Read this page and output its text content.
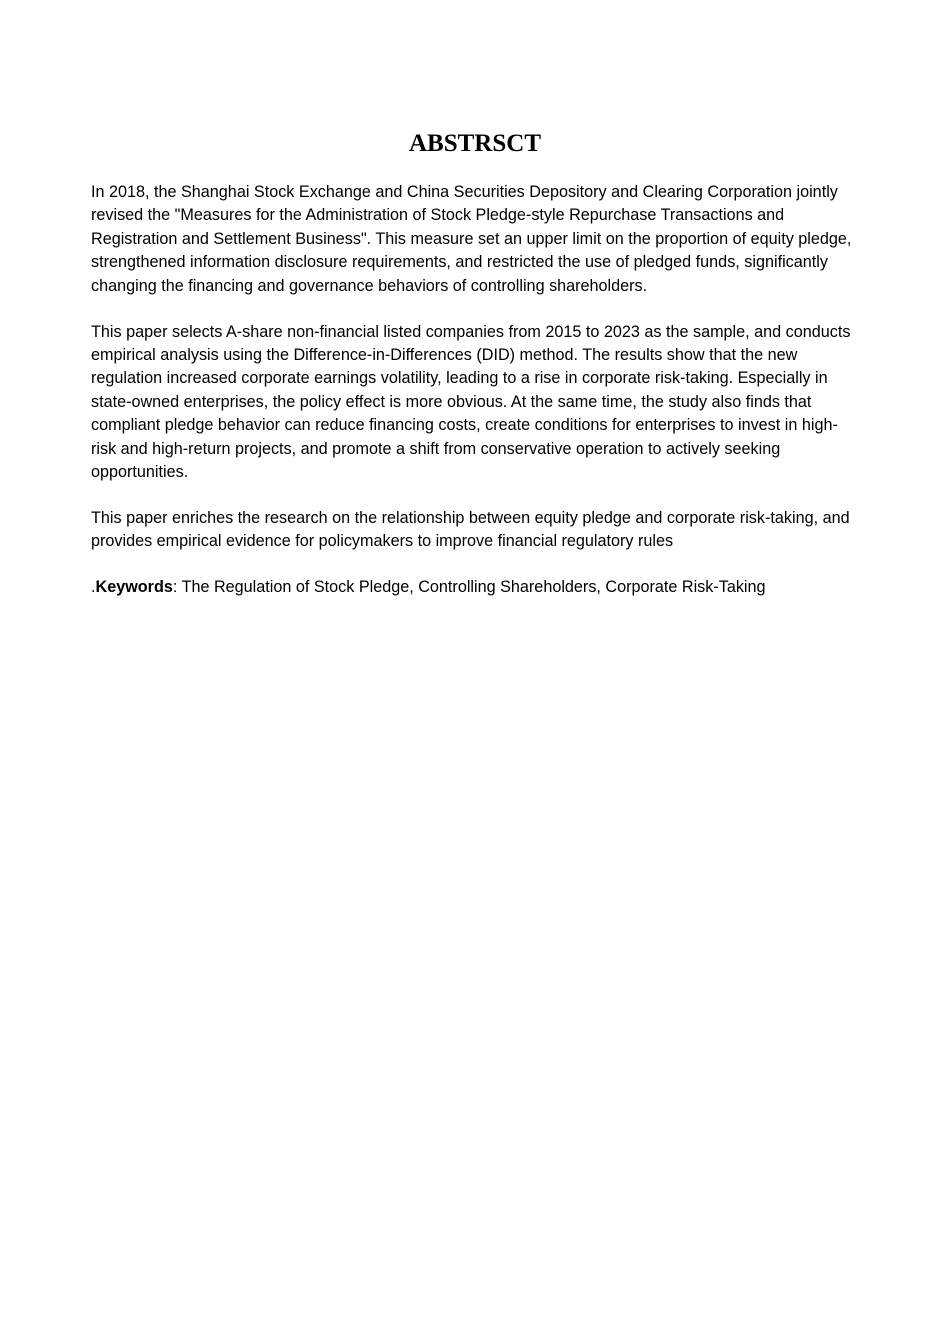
ABSTRSCT

In 2018, the Shanghai Stock Exchange and China Securities Depository and Clearing Corporation jointly revised the "Measures for the Administration of Stock Pledge-style Repurchase Transactions and Registration and Settlement Business". This measure set an upper limit on the proportion of equity pledge, strengthened information disclosure requirements, and restricted the use of pledged funds, significantly changing the financing and governance behaviors of controlling shareholders.

This paper selects A-share non-financial listed companies from 2015 to 2023 as the sample, and conducts empirical analysis using the Difference-in-Differences (DID) method. The results show that the new regulation increased corporate earnings volatility, leading to a rise in corporate risk-taking. Especially in state-owned enterprises, the policy effect is more obvious. At the same time, the study also finds that compliant pledge behavior can reduce financing costs, create conditions for enterprises to invest in high-risk and high-return projects, and promote a shift from conservative operation to actively seeking opportunities.

This paper enriches the research on the relationship between equity pledge and corporate risk-taking, and provides empirical evidence for policymakers to improve financial regulatory rules

.Keywords: The Regulation of Stock Pledge, Controlling Shareholders, Corporate Risk-Taking
